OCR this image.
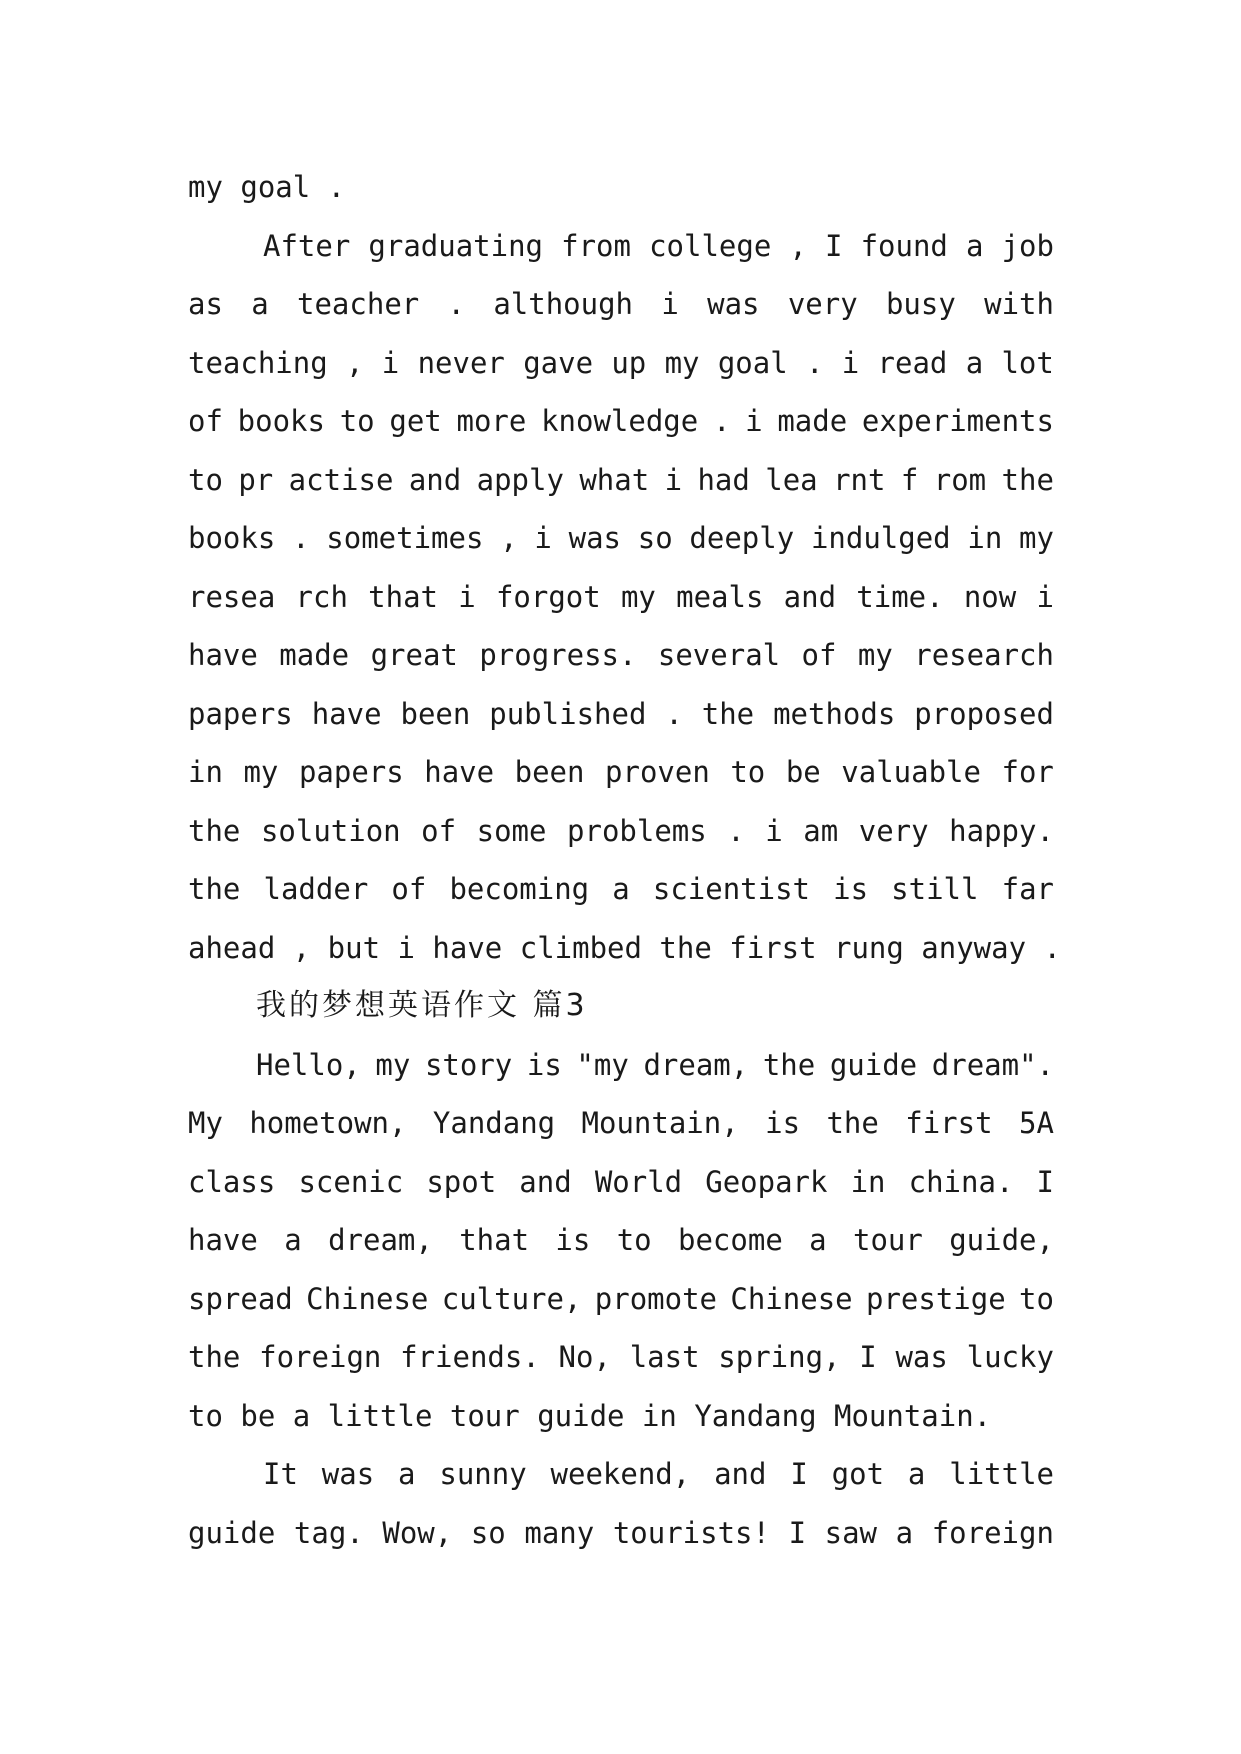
my goal .
After graduating from college , I found a job
as a teacher . although i was very busy with
teaching , i never gave up my goal . i read a lot
of books to get more knowledge . i made experiments
to pr actise and apply what i had lea rnt f rom the
books . sometimes , i was so deeply indulged in my
resea rch that i forgot my meals and time. now i
have made great progress. several of my research
papers have been published . the methods proposed
in my papers have been proven to be valuable for
the solution of some problems . i am very happy.
the ladder of becoming a scientist is still far
ahead , but i have climbed the first rung anyway .
我的梦想英语作文 篇3
Hello, my story is "my dream, the guide dream".
My hometown, Yandang Mountain, is the first 5A
class scenic spot and World Geopark in china. I
have a dream, that is to become a tour guide,
spread Chinese culture, promote Chinese prestige to
the foreign friends. No, last spring, I was lucky
to be a little tour guide in Yandang Mountain.
It was a sunny weekend, and I got a little
guide tag. Wow, so many tourists! I saw a foreign
